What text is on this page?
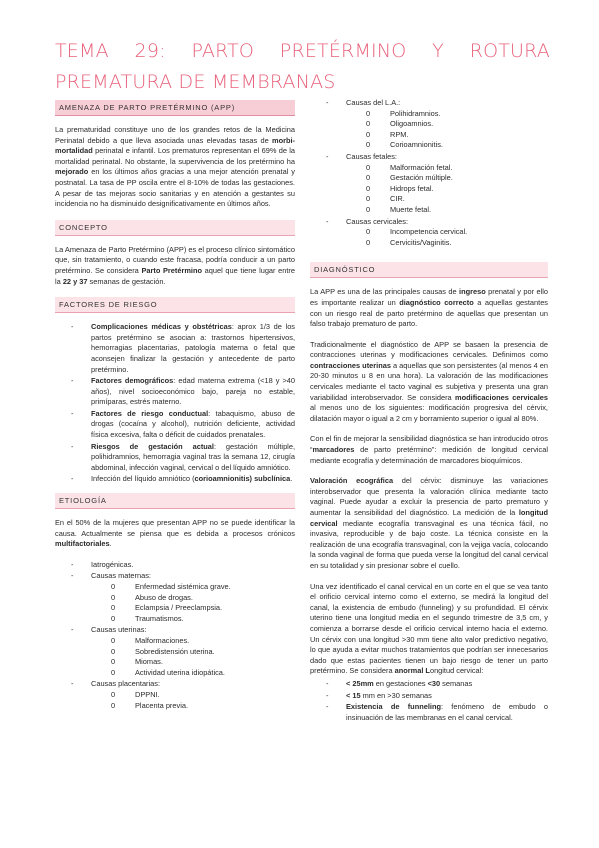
TEMA 29: PARTO PRETÉRMINO Y ROTURA
PREMATURA DE MEMBRANAS
AMENAZA DE PARTO PRETÉRMINO (APP)

La prematuridad constituye uno de los grandes retos de la Medicina Perinatal debido a que lleva asociada unas elevadas tasas de morbi-mortalidad perinatal e infantil. Los prematuros representan el 69% de la mortalidad perinatal. No obstante, la supervivencia de los pretérmino ha mejorado en los últimos años gracias a una mejor atención prenatal y postnatal. La tasa de PP oscila entre el 8-10% de todas las gestaciones. A pesar de tas mejoras socio sanitarias y en atención a gestantes su incidencia no ha disminuido designificativamente en últimos años.

CONCEPTO

La Amenaza de Parto Pretérmino (APP) es el proceso clínico sintomático que, sin tratamiento, o cuando este fracasa, podría conducir a un parto pretérmino. Se considera Parto Pretérmino aquel que tiene lugar entre la 22 y 37 semanas de gestación.

FACTORES DE RIESGO
- Complicaciones médicas y obstétricas: aprox 1/3 de los partos pretérmino se asocian a: trastornos hipertensivos, hemorragias placentarias, patología materna o fetal que aconsejen finalizar la gestación y antecedente de parto pretérmino.
- Factores demográficos: edad materna extrema (<18 y >40 años), nivel socioeconómico bajo, pareja no estable, primíparas, estrés materno.
- Factores de riesgo conductual: tabaquismo, abuso de drogas (cocaína y alcohol), nutrición deficiente, actividad física excesiva, falta o déficit de cuidados prenatales.
- Riesgos de gestación actual: gestación múltiple, polihidramnios, hemorragia vaginal tras la semana 12, cirugía abdominal, infección vaginal, cervical o del líquido amniótico.
- Infección del líquido amniótico (corioamnionitis) subclínica.
ETIOLOGÍA

En el 50% de la mujeres que presentan APP no se puede identificar la causa. Actualmente se piensa que es debida a procesos crónicos multifactoriales.

- Iatrogénicas.
- Causas maternas:
0	Enfermedad sistémica grave.
0	Abuso de drogas.
0	Eclampsia / Preeclampsia.
0	Traumatismos.
- Causas uterinas:
0	Malformaciones.
0	Sobredistensión uterina.
0	Miomas.
0	Actividad uterina idiopática.
- Causas placentarias:
0	DPPNI.
0	Placenta previa.
- Causas del L.A.:
0	Polihidramnios.
0	Oligoamnios.
0	RPM.
0	Corioamnionitis.
- Causas fetales:
0	Malformación fetal.
0	Gestación múltiple.
0	Hidrops fetal.
0	CIR.
0	Muerte fetal.
- Causas cervicales:
0	Incompetencia cervical.
0	Cervicitis/Vaginitis.
DIAGNÓSTICO

La APP es una de las principales causas de ingreso prenatal y por ello es importante realizar un diagnóstico correcto a aquellas gestantes con un riesgo real de parto pretérmino de aquellas que presentan un falso trabajo prematuro de parto.

Tradicionalmente el diagnóstico de APP se basaen la presencia de contracciones uterinas y modificaciones cervicales. Definimos como contracciones uterinas a aquellas que son persistentes (al menos 4 en 20-30 minutos u 8 en una hora). La valoración de las modificaciones cervicales mediante el tacto vaginal es subjetiva y presenta una gran variabilidad interobservador. Se considera modificaciones cervicales al menos uno de los siguientes: modificación progresiva del cérvix, dilatación mayor o igual a 2 cm y borramiento superior o igual al 80%.

Con el fin de mejorar la sensibilidad diagnóstica se han introducido otros “marcadores de parto pretérmino”: medición de longitud cervical mediante ecografía y determinación de marcadores bioquímicos.

Valoración ecográfica del cérvix: disminuye las variaciones interobservador que presenta la valoración clínica mediante tacto vaginal. Puede ayudar a excluir la presencia de parto prematuro y aumentar la sensibilidad del diagnóstico. La medición de la longitud cervical mediante ecografía transvaginal es una técnica fácil, no invasiva, reproducible y de bajo coste. La técnica consiste en la realización de una ecografía transvaginal, con la vejiga vacía, colocando la sonda vaginal de forma que pueda verse la longitud del canal cervical en su totalidad y sin presionar sobre el cuello.

Una vez identificado el canal cervical en un corte en el que se vea tanto el orificio cervical interno como el externo, se medirá la longitud del canal, la existencia de embudo (funneling) y su profundidad. El cérvix uterino tiene una longitud media en el segundo trimestre de 3,5 cm, y comienza a borrarse desde el orificio cervical interno hacia el externo. Un cérvix con una longitud >30 mm tiene alto valor predictivo negativo, lo que ayuda a evitar muchos tratamientos que podrían ser innecesarios dado que estas pacientes tienen un bajo riesgo de tener un parto pretérmino. Se considera anormal Longitud cervical:

- < 25mm en gestaciones <30 semanas
- < 15 mm en >30 semanas
- Existencia de funneling: fenómeno de embudo o insinuación de las membranas en el canal cervical.
